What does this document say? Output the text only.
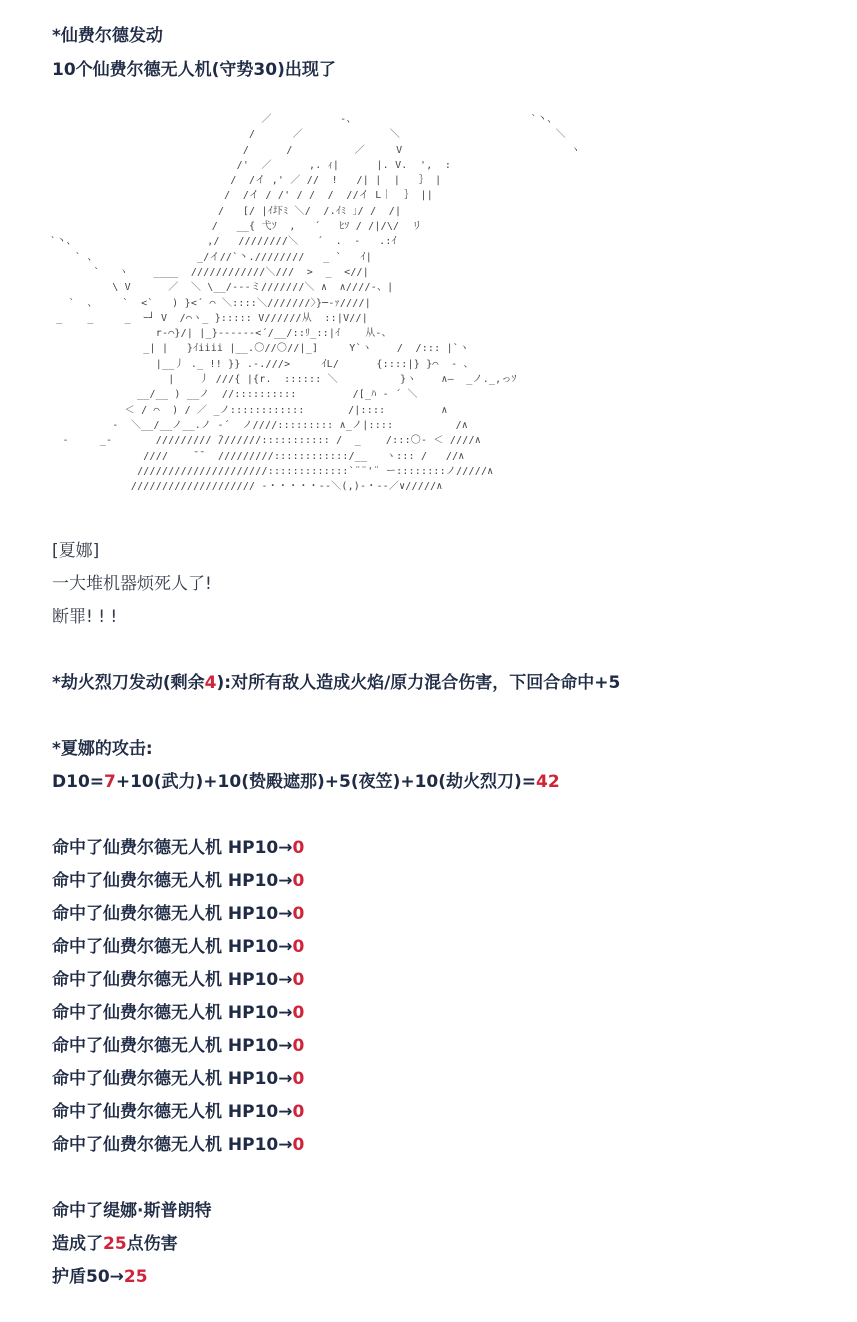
*仙费尔德发动
10个仙费尔德无人机(守势30)出现了
／           ‐、                            `丶、
/      ／              ＼                         ＼
/      /          ／     V                           ヽ
/'  ／      ,. ｨ|      |. V.  ',  :
/  /イ ,' ／ //  !   /| |  |   ｝ |
/  /イ / /' / /  /  //イ L｜  ｝ ||
/   [/ |ｲ圷ﾐ ＼/  /.ｲﾐ ｣/ /  /|
/   __{ 弋ｿ  ,   ´   ﾋｿ / /|/\/  リ
`丶、                     ,/   ////////＼   ´  .  -   .:ｲ
` 、                _/イ//`丶.////////   _ `   ｲ|
`   ヽ    ____  ////////////＼///  >  _  <//|
\ V      ／  ＼ \__/---ミ///////＼ ∧  ∧////-、|
`  、    `  <`   ) }<´ ⌒ ＼::::＼///////〉}─-ｧ////|
_    _     _  ｰ┘ V  /⌒ヽ_ }::::: V//////从  ::|V//|
r‐⌒}/| |_}------<´/__/::ﾘ_::|ｲ    从‐、
_| |   }ｲiiii |__.〇//〇//|_]     Y`ヽ    /  /::: |`ヽ
|__丿 ._ !! }} .-.///>     ｲL/      {::::|} }⌒  ‐ 、
|    丿 ///{ |{r.  :::::: ＼          }ヽ    ∧―  _ノ._,っｿ
__/__ ) __ノ  //::::::::::         /[_ﾊ ‐ ´ ＼
＜ / ⌒  ) / ／ _ノ::::::::::::       /|::::         ∧
‐  ＼__/__ノ__.ノ ‐´  ノ////::::::::: ∧_ノ|::::          /∧
‐     _‐       ///////// ̄///////::::::::::: /  _    /:::〇‐ ＜ ////∧
////    ¯¯  /////////::::::::::::/__   ヽ::: /   //∧
/////////////////////:::::::::::::`¨¨'¨ ー::::::::ノ/////∧
//////////////////// ‐・・・・・‐‐＼(,)‐・‐‐／∨/////∧
[夏娜]
一大堆机器烦死人了!
断罪! ! !
*劫火烈刀发动(剩余4):对所有敌人造成火焰/原力混合伤害，下回合命中+5
*夏娜的攻击:
D10=7+10(武力)+10(贽殿遮那)+5(夜笠)+10(劫火烈刀)=42
命中了仙费尔德无人机 HP10→0
命中了仙费尔德无人机 HP10→0
命中了仙费尔德无人机 HP10→0
命中了仙费尔德无人机 HP10→0
命中了仙费尔德无人机 HP10→0
命中了仙费尔德无人机 HP10→0
命中了仙费尔德无人机 HP10→0
命中了仙费尔德无人机 HP10→0
命中了仙费尔德无人机 HP10→0
命中了仙费尔德无人机 HP10→0
命中了缇娜·斯普朗特
造成了25点伤害
护盾50→25
